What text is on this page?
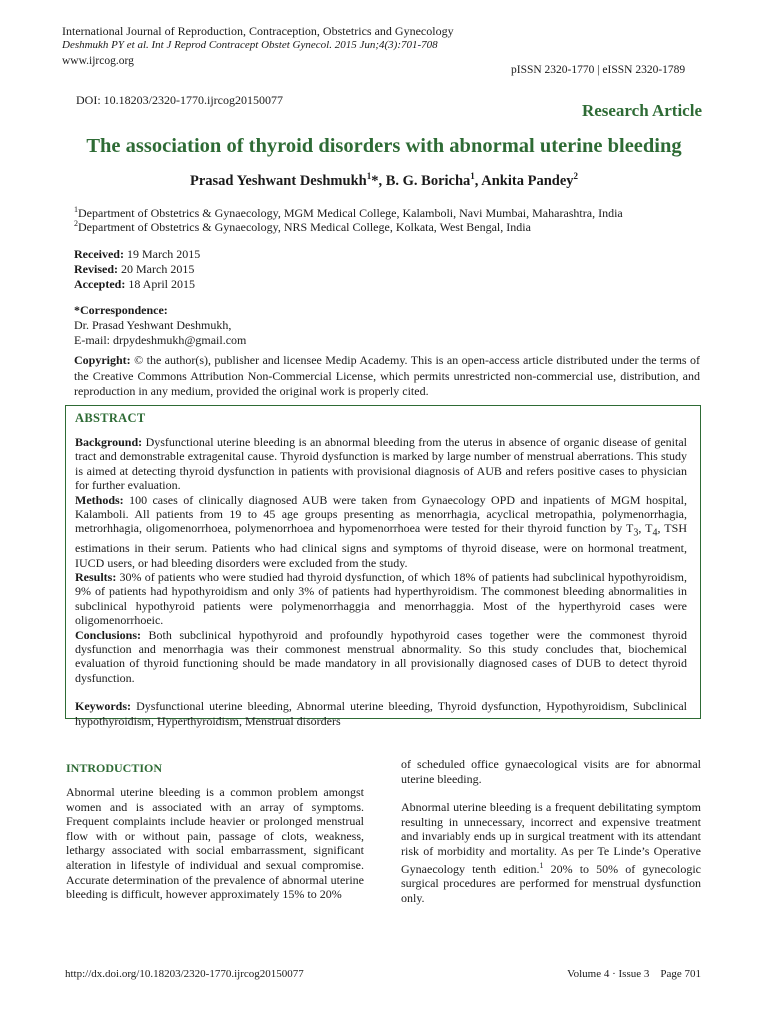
International Journal of Reproduction, Contraception, Obstetrics and Gynecology
Deshmukh PY et al. Int J Reprod Contracept Obstet Gynecol. 2015 Jun;4(3):701-708
www.ijrcog.org
pISSN 2320-1770 | eISSN 2320-1789
DOI: 10.18203/2320-1770.ijrcog20150077
Research Article
The association of thyroid disorders with abnormal uterine bleeding
Prasad Yeshwant Deshmukh$^1$*, B. G. Boricha$^1$, Ankita Pandey$^2$
$^1$Department of Obstetrics & Gynaecology, MGM Medical College, Kalamboli, Navi Mumbai, Maharashtra, India
$^2$Department of Obstetrics & Gynaecology, NRS Medical College, Kolkata, West Bengal, India
Received: 19 March 2015
Revised: 20 March 2015
Accepted: 18 April 2015
*Correspondence:
Dr. Prasad Yeshwant Deshmukh,
E-mail: drpydeshmukh@gmail.com
Copyright: © the author(s), publisher and licensee Medip Academy. This is an open-access article distributed under the terms of the Creative Commons Attribution Non-Commercial License, which permits unrestricted non-commercial use, distribution, and reproduction in any medium, provided the original work is properly cited.
ABSTRACT

Background: Dysfunctional uterine bleeding is an abnormal bleeding from the uterus in absence of organic disease of genital tract and demonstrable extragenital cause. Thyroid dysfunction is marked by large number of menstrual aberrations. This study is aimed at detecting thyroid dysfunction in patients with provisional diagnosis of AUB and refers positive cases to physician for further evaluation.

Methods: 100 cases of clinically diagnosed AUB were taken from Gynaecology OPD and inpatients of MGM hospital, Kalamboli. All patients from 19 to 45 age groups presenting as menorrhagia, acyclical metropathia, polymenorrhagia, metrorhhagia, oligomenorrhoea, polymenorrhoea and hypomenorrhoea were tested for their thyroid function by $T_3$, $T_4$, TSH estimations in their serum. Patients who had clinical signs and symptoms of thyroid disease, were on hormonal treatment, IUCD users, or had bleeding disorders were excluded from the study.

Results: 30% of patients who were studied had thyroid dysfunction, of which 18% of patients had subclinical hypothyroidism, 9% of patients had hypothyroidism and only 3% of patients had hyperthyroidism. The commonest bleeding abnormalities in subclinical hypothyroid patients were polymenorrhaggia and menorrhaggia. Most of the hyperthyroid cases were oligomenorrhoeic.

Conclusions: Both subclinical hypothyroid and profoundly hypothyroid cases together were the commonest thyroid dysfunction and menorrhagia was their commonest menstrual abnormality. So this study concludes that, biochemical evaluation of thyroid functioning should be made mandatory in all provisionally diagnosed cases of DUB to detect thyroid dysfunction.

Keywords: Dysfunctional uterine bleeding, Abnormal uterine bleeding, Thyroid dysfunction, Hypothyroidism, Subclinical hypothyroidism, Hyperthyroidism, Menstrual disorders

INTRODUCTION
Abnormal uterine bleeding is a common problem amongst women and is associated with an array of symptoms. Frequent complaints include heavier or prolonged menstrual flow with or without pain, passage of clots, weakness, lethargy associated with social embarrassment, significant alteration in lifestyle of individual and sexual compromise. Accurate determination of the prevalence of abnormal uterine bleeding is difficult, however approximately 15% to 20%

of scheduled office gynaecological visits are for abnormal uterine bleeding.

Abnormal uterine bleeding is a frequent debilitating symptom resulting in unnecessary, incorrect and expensive treatment and invariably ends up in surgical treatment with its attendant risk of morbidity and mortality. As per Te Linde’s Operative Gynaecology tenth edition.$^1$ 20% to 50% of gynecologic surgical procedures are performed for menstrual dysfunction only.

http://dx.doi.org/10.18203/2320-1770.ijrcog20150077	Volume 4 · Issue 3    Page 701
